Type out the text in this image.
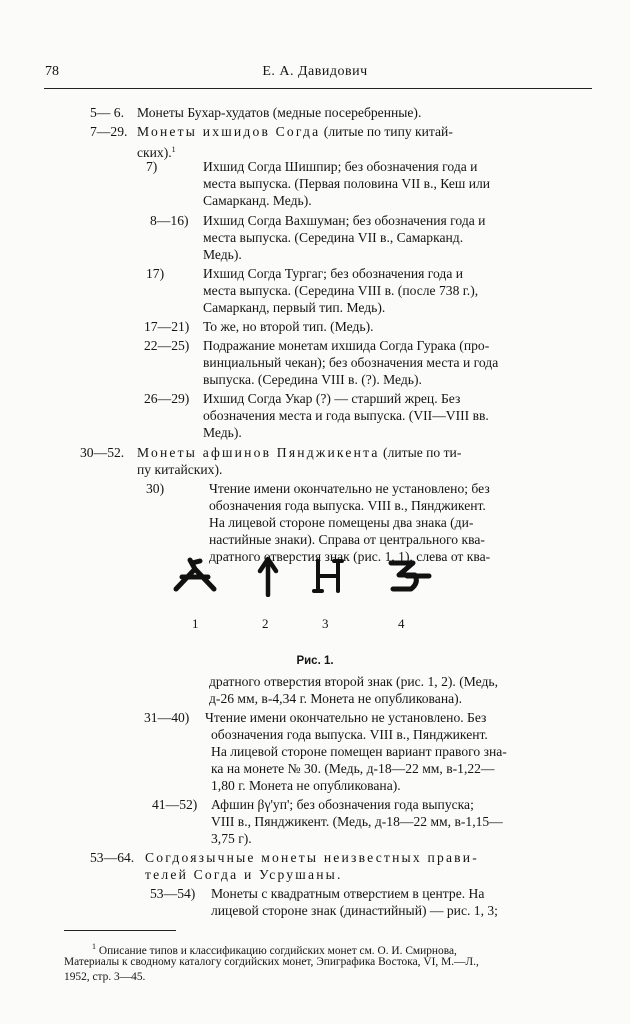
78	Е. А. Давидович
5— 6. Монеты Бухар-худатов (медные посеребренные).
7—29. Монеты ихшидов Согда (литые по типу китай-
ских).$^1$
7)	Ихшид Согда Шишпир; без обозначения года и
места выпуска. (Первая половина VII в., Кеш или
Самарканд. Медь).
8—16) Ихшид Согда Вахшуман; без обозначения года и
места выпуска. (Середина VII в., Самарканд.
Медь).
17)	Ихшид Согда Тургаг; без обозначения года и
места выпуска. (Середина VIII в. (после 738 г.),
Самарканд, первый тип. Медь).
17—21) То же, но второй тип. (Медь).
22—25) Подражание монетам ихшида Согда Гурака (про-
винциальный чекан); без обозначения места и года
выпуска. (Середина VIII в. (?). Медь).
26—29) Ихшид Согда Укар (?) — старший жрец. Без
обозначения места и года выпуска. (VII—VIII вв.
Медь).
30—52. Монеты афшинов Пянджикента (литые по ти-
пу китайских).
30)	Чтение имени окончательно не установлено; без
обозначения года выпуска. VIII в., Пянджикент.
На лицевой стороне помещены два знака (ди-
настийные знаки). Справа от центрального ква-
дратного отверстия знак (рис. 1, 1), слева от ква-
1	2	3	4
Рис. 1.
дратного отверстия второй знак (рис. 1, 2). (Медь,
д-26 мм, в-4,34 г. Монета не опубликована).
31—40) Чтение имени окончательно не установлено. Без
обозначения года выпуска. VIII в., Пянджикент.
На лицевой стороне помещен вариант правого зна-
ка на монете № 30. (Медь, д-18—22 мм, в-1,22—
1,80 г. Монета не опубликована).
41—52) Афшин βγ'уп'; без обозначения года выпуска;
VIII в., Пянджикент. (Медь, д-18—22 мм, в-1,15—
3,75 г).
53—64. Согдоязычные монеты неизвестных прави-
телей Согда и Усрушаны.
53—54) Монеты с квадратным отверстием в центре. На
лицевой стороне знак (династийный) — рис. 1, 3;
$^1$ Описание типов и классификацию согдийских монет см. О. И. Смирнова,
Материалы к сводному каталогу согдийских монет, Эпиграфика Востока, VI, М.—Л.,
1952, стр. 3—45.
